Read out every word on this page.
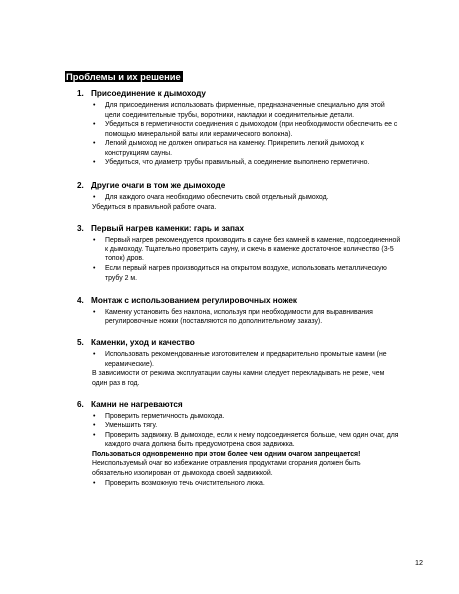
Проблемы и их решение
1. Присоединение к дымоходу
• Для присоединения использовать фирменные, предназначенные специально для этой
цели соединительные трубы, воротники, накладки и соединительные детали.
• Убедиться в герметичности соединения с дымоходом (при необходимости обеспечить ее с
помощью минеральной ваты или керамического волокна).
• Легкий дымоход не должен опираться на каменку. Прикрепить легкий дымоход к
конструкциям сауны.
• Убедиться, что диаметр трубы правильный, а соединение выполнено герметично.
2. Другие очаги в том же дымоходе
• Для каждого очага необходимо обеспечить свой отдельный дымоход.
Убедиться в правильной работе очага.
3. Первый нагрев каменки: гарь и запах
• Первый нагрев рекомендуется производить в сауне без камней в каменке, подсоединенной
к дымоходу. Тщательно проветрить сауну, и сжечь в каменке достаточное количество (3-5
топок) дров.
• Если первый нагрев производиться на открытом воздухе, использовать металлическую
трубу 2 м.
4. Монтаж с использованием регулировочных ножек
• Каменку установить без наклона, используя при необходимости для выравнивания
регулировочные ножки (поставляются по дополнительному заказу).
5. Каменки, уход и качество
• Использовать рекомендованные изготовителем и предварительно промытые камни (не
керамические).
В зависимости от режима эксплуатации сауны камни следует перекладывать не реже, чем
один раз в год.
6. Камни не нагреваются
• Проверить герметичность дымохода.
• Уменьшить тягу.
• Проверить задвижку. В дымоходе, если к нему подсоединяется больше, чем один очаг, для
каждого очага должна быть предусмотрена своя задвижка.
Пользоваться одновременно при этом более чем одним очагом запрещается!
Неиспользуемый очаг во избежание отравления продуктами сгорания должен быть
обязательно изолирован от дымохода своей задвижкой.
• Проверить возможную течь очистительного люка.
12
